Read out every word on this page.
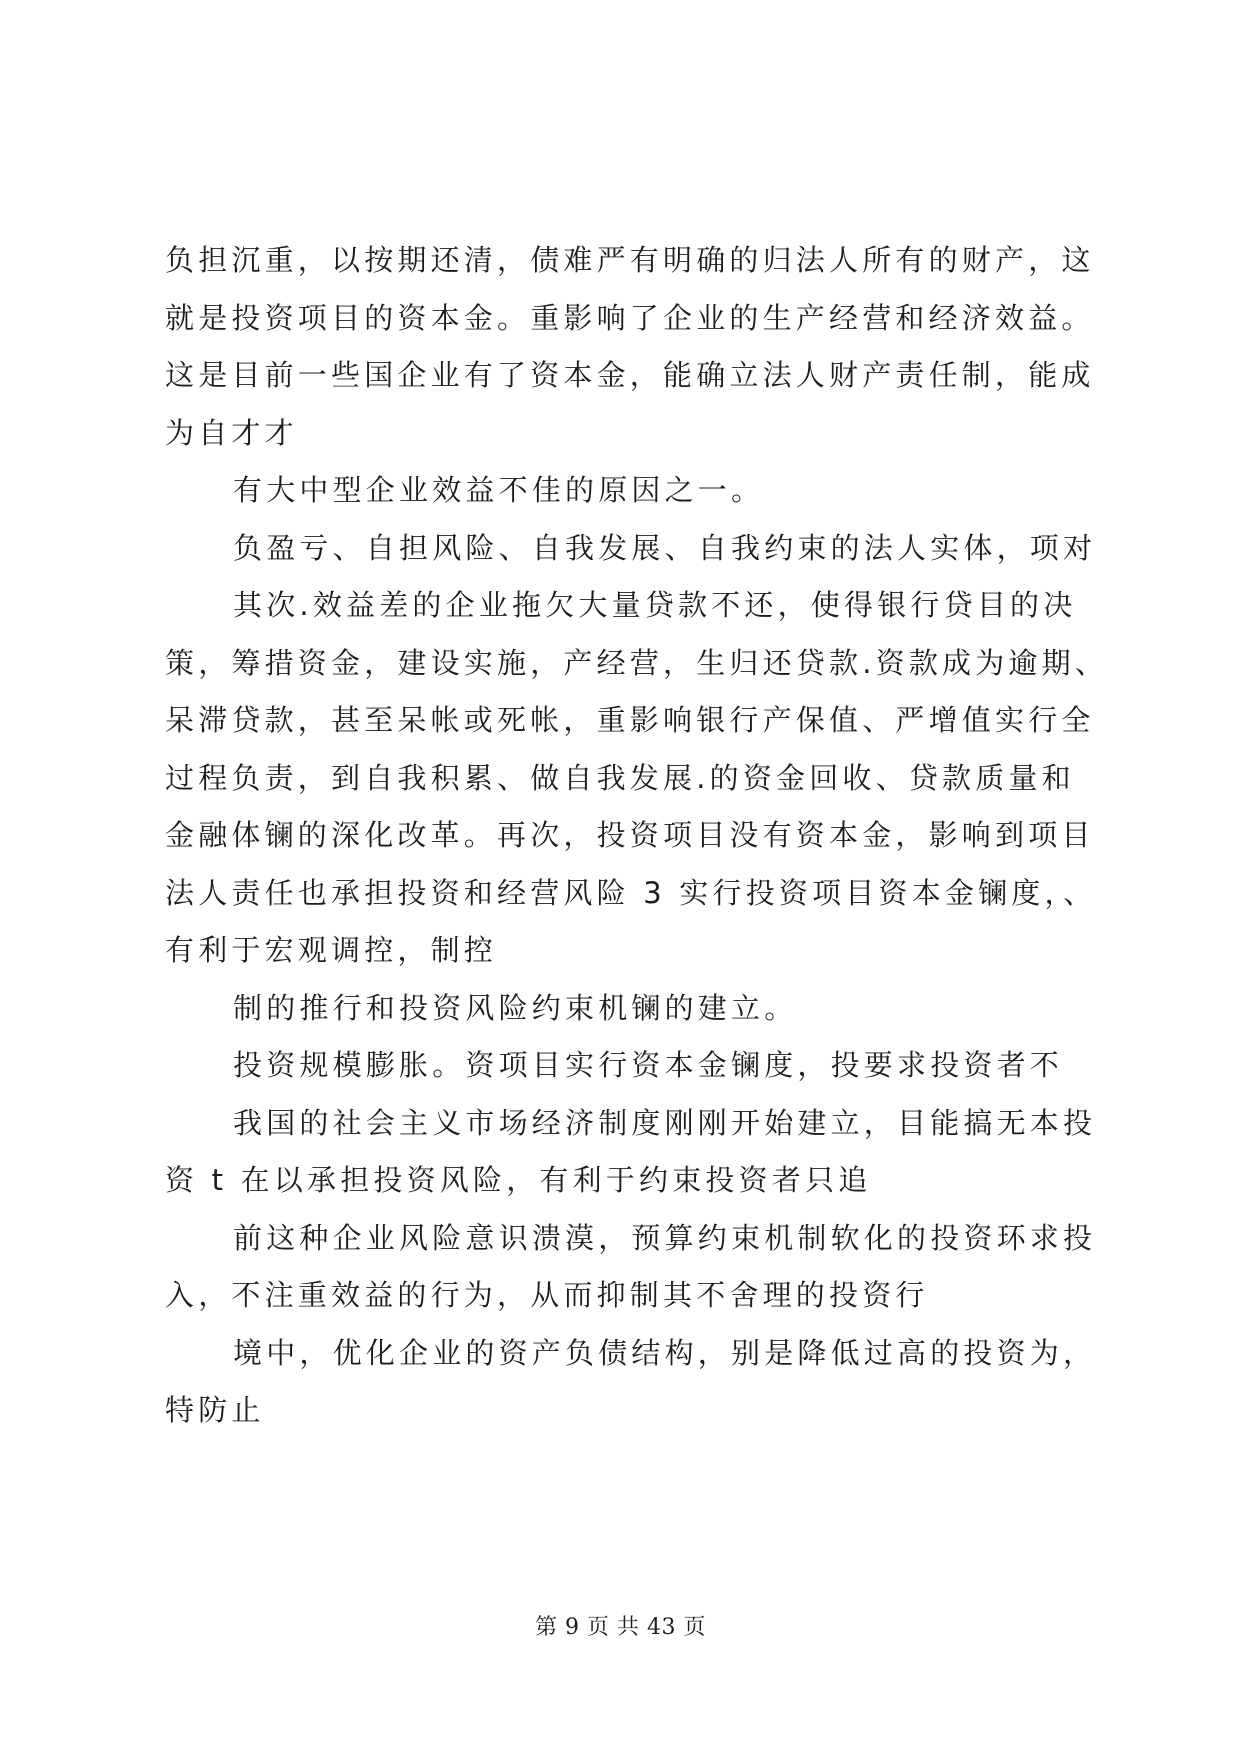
负担沉重，以按期还清，债难严有明确的归法人所有的财产，这
就是投资项目的资本金。重影响了企业的生产经营和经济效益。
这是目前一些国企业有了资本金，能确立法人财产责任制，能成
为自才才
有大中型企业效益不佳的原因之一。
负盈亏、自担风险、自我发展、自我约束的法人实体，项对
其次.效益差的企业拖欠大量贷款不还，使得银行贷目的决
策，筹措资金，建设实施，产经营，生归还贷款.资款成为逾期、
呆滞贷款，甚至呆帐或死帐，重影响银行产保值、严增值实行全
过程负责，到自我积累、做自我发展.的资金回收、贷款质量和
金融体镧的深化改革。再次，投资项目没有资本金，影响到项目
法人责任也承担投资和经营风险 3 实行投资项目资本金镧度，、
有利于宏观调控，制控
制的推行和投资风险约束机镧的建立。
投资规模膨胀。资项目实行资本金镧度，投要求投资者不
我国的社会主义市场经济制度刚刚开始建立，目能搞无本投
资 t 在以承担投资风险，有利于约束投资者只追
前这种企业风险意识溃漠，预算约束机制软化的投资环求投
入，不注重效益的行为，从而抑制其不舍理的投资行
境中，优化企业的资产负债结构，别是降低过高的投资为，
特防止
第 9 页 共 43 页
